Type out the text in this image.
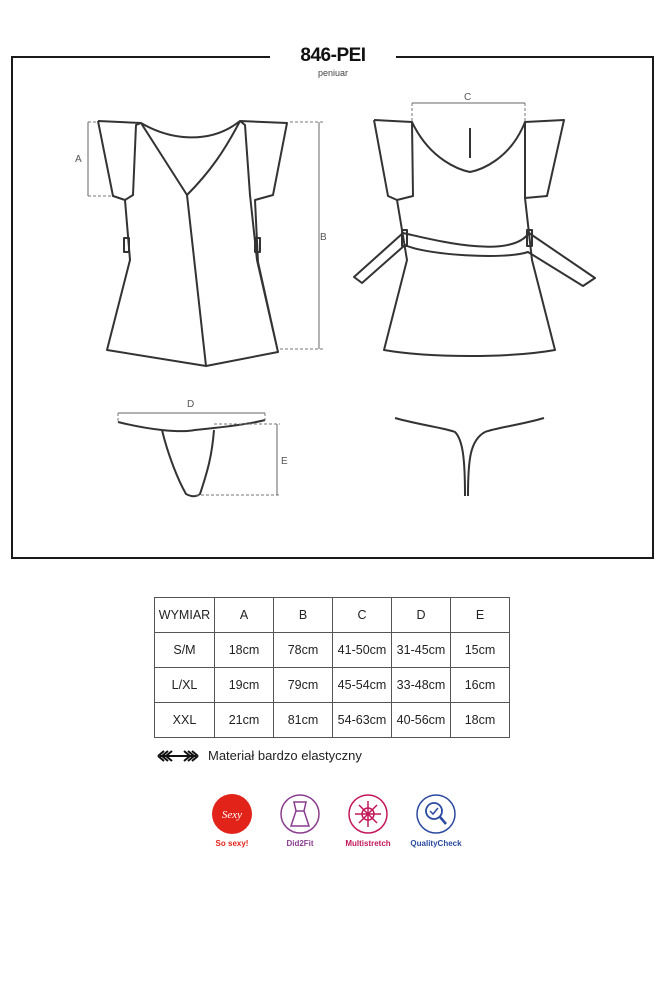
A
B
C
D
E
846-PEI
peniuar
WYMIAR	A	B	C	D	E
S/M	18cm	78cm	41-50cm	31-45cm	15cm
L/XL	19cm	79cm	45-54cm	33-48cm	16cm
XXL	21cm	81cm	54-63cm	40-56cm	18cm
Materiał bardzo elastyczny
Sexy
So sexy!	Did2Fit	Multistretch	QualityCheck
